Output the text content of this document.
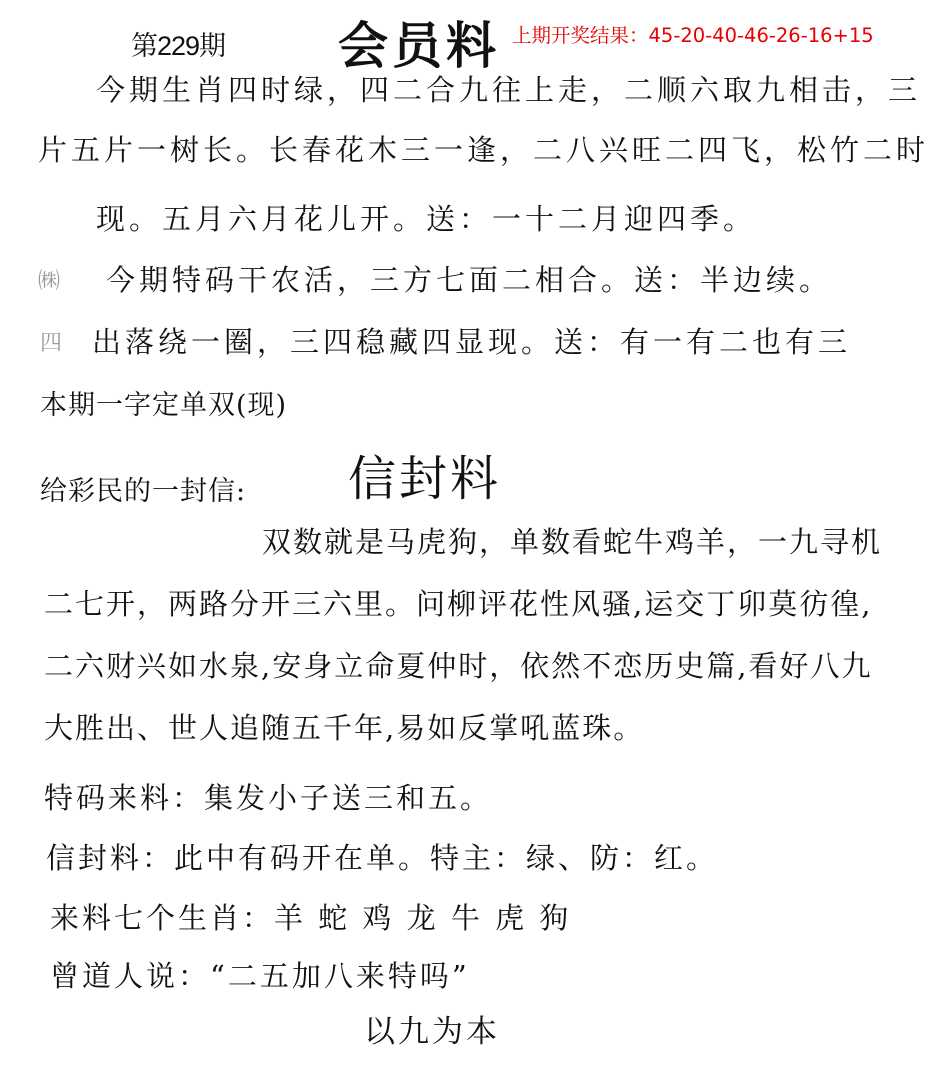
第229期 会员料 上期开奖结果：45-20-40-46-26-16+15
今期生肖四时绿，四二合九往上走，二顺六取九相击，三
片五片一树长。长春花木三一逢，二八兴旺二四飞，松竹二时
现。五月六月花儿开。送：一十二月迎四季。
㈱ 今期特码干农活，三方七面二相合。送：半边续。
四 出落绕一圈，三四稳藏四显现。送：有一有二也有三
本期一字定单双(现)
给彩民的一封信: 信封料
双数就是马虎狗，单数看蛇牛鸡羊，一九寻机
二七开，两路分开三六里。问柳评花性风骚,运交丁卯莫彷徨,
二六财兴如水泉,安身立命夏仲时，依然不恋历史篇,看好八九
大胜出、世人追随五千年,易如反掌吼蓝珠。
特码来料：集发小子送三和五。
信封料：此中有码开在单。特主：绿、防：红。
来料七个生肖：羊 蛇 鸡 龙 牛 虎 狗
曾道人说：“二五加八来特吗”
以九为本
